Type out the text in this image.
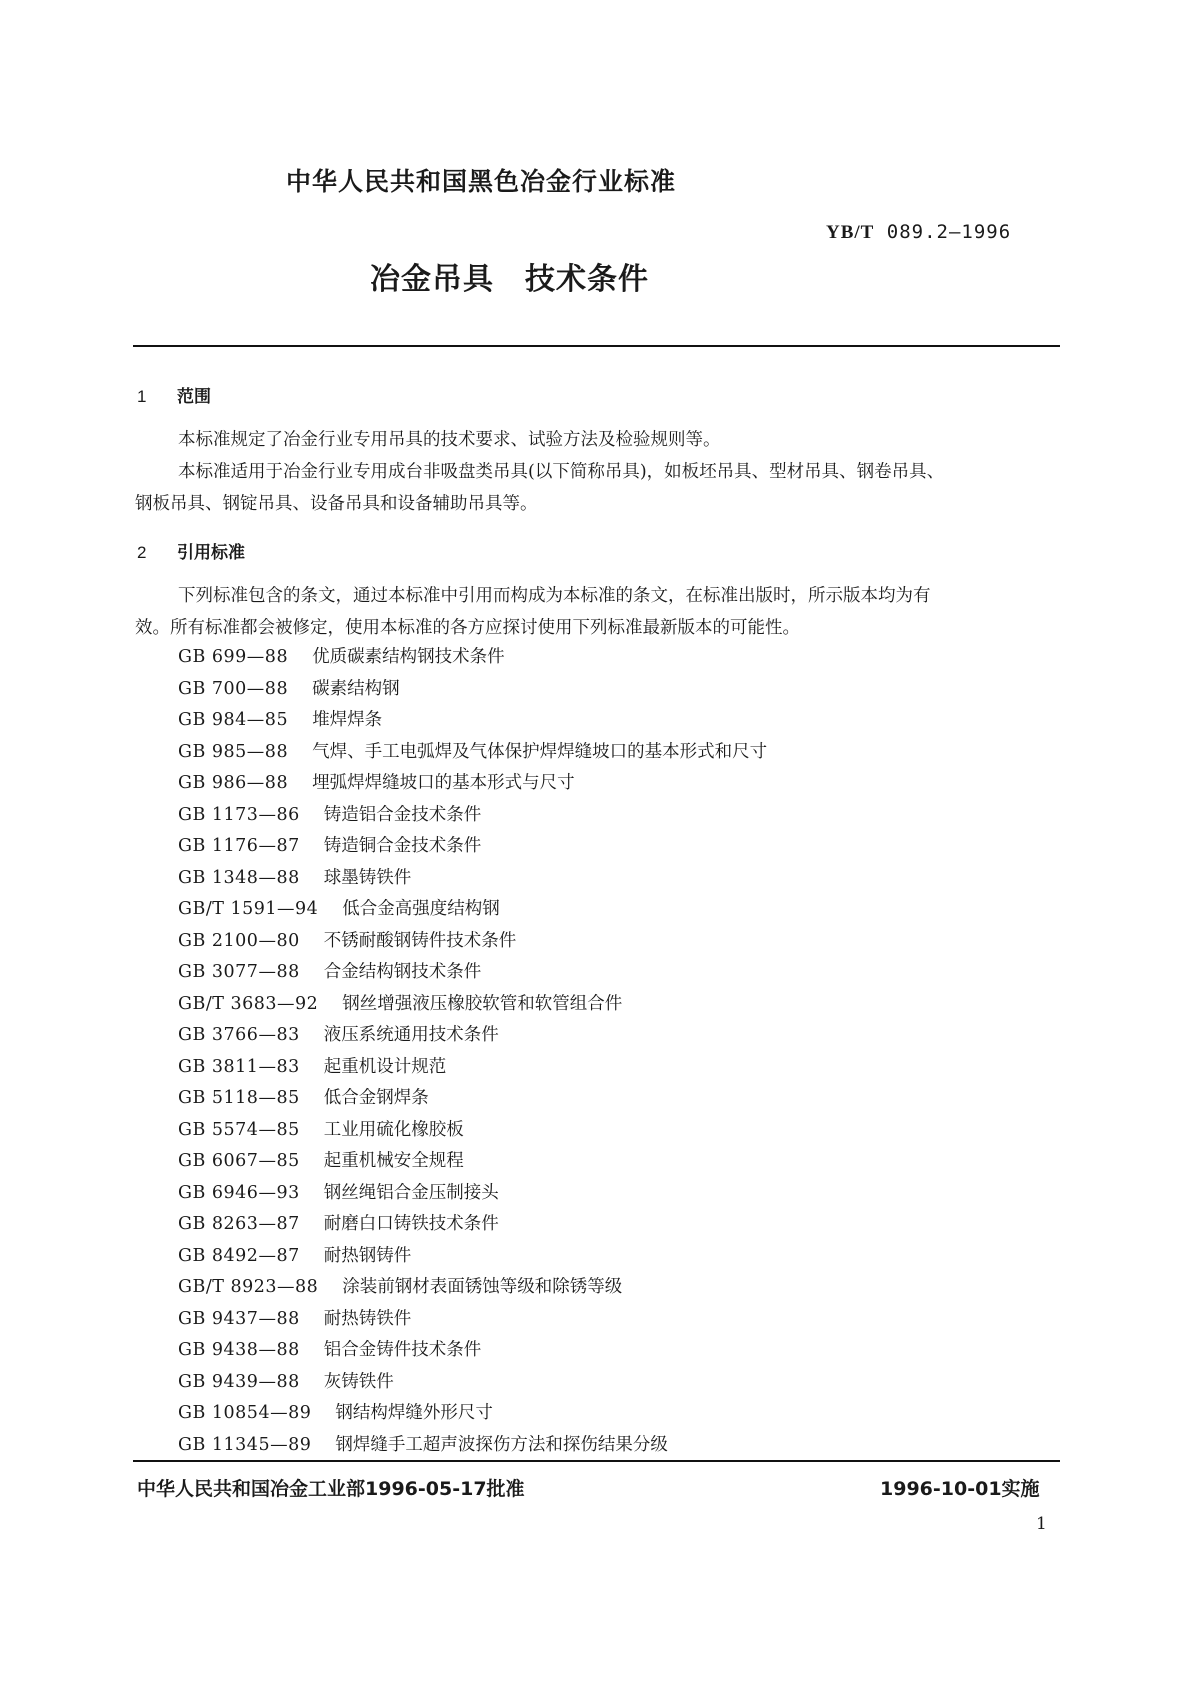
中华人民共和国黑色冶金行业标准
YB/T 089.2—1996
冶金吊具　技术条件
1 范围
本标准规定了冶金行业专用吊具的技术要求、试验方法及检验规则等。
本标准适用于冶金行业专用成台非吸盘类吊具(以下简称吊具)，如板坯吊具、型材吊具、钢卷吊具、
钢板吊具、钢锭吊具、设备吊具和设备辅助吊具等。
2 引用标准
下列标准包含的条文，通过本标准中引用而构成为本标准的条文，在标准出版时，所示版本均为有
效。所有标准都会被修定，使用本标准的各方应探讨使用下列标准最新版本的可能性。
GB 699—88 优质碳素结构钢技术条件
GB 700—88 碳素结构钢
GB 984—85 堆焊焊条
GB 985—88 气焊、手工电弧焊及气体保护焊焊缝坡口的基本形式和尺寸
GB 986—88 埋弧焊焊缝坡口的基本形式与尺寸
GB 1173—86 铸造铝合金技术条件
GB 1176—87 铸造铜合金技术条件
GB 1348—88 球墨铸铁件
GB/T 1591—94 低合金高强度结构钢
GB 2100—80 不锈耐酸钢铸件技术条件
GB 3077—88 合金结构钢技术条件
GB/T 3683—92 钢丝增强液压橡胶软管和软管组合件
GB 3766—83 液压系统通用技术条件
GB 3811—83 起重机设计规范
GB 5118—85 低合金钢焊条
GB 5574—85 工业用硫化橡胶板
GB 6067—85 起重机械安全规程
GB 6946—93 钢丝绳铝合金压制接头
GB 8263—87 耐磨白口铸铁技术条件
GB 8492—87 耐热钢铸件
GB/T 8923—88 涂装前钢材表面锈蚀等级和除锈等级
GB 9437—88 耐热铸铁件
GB 9438—88 铝合金铸件技术条件
GB 9439—88 灰铸铁件
GB 10854—89 钢结构焊缝外形尺寸
GB 11345—89 钢焊缝手工超声波探伤方法和探伤结果分级
中华人民共和国冶金工业部1996-05-17批准	1996-10-01实施
1
